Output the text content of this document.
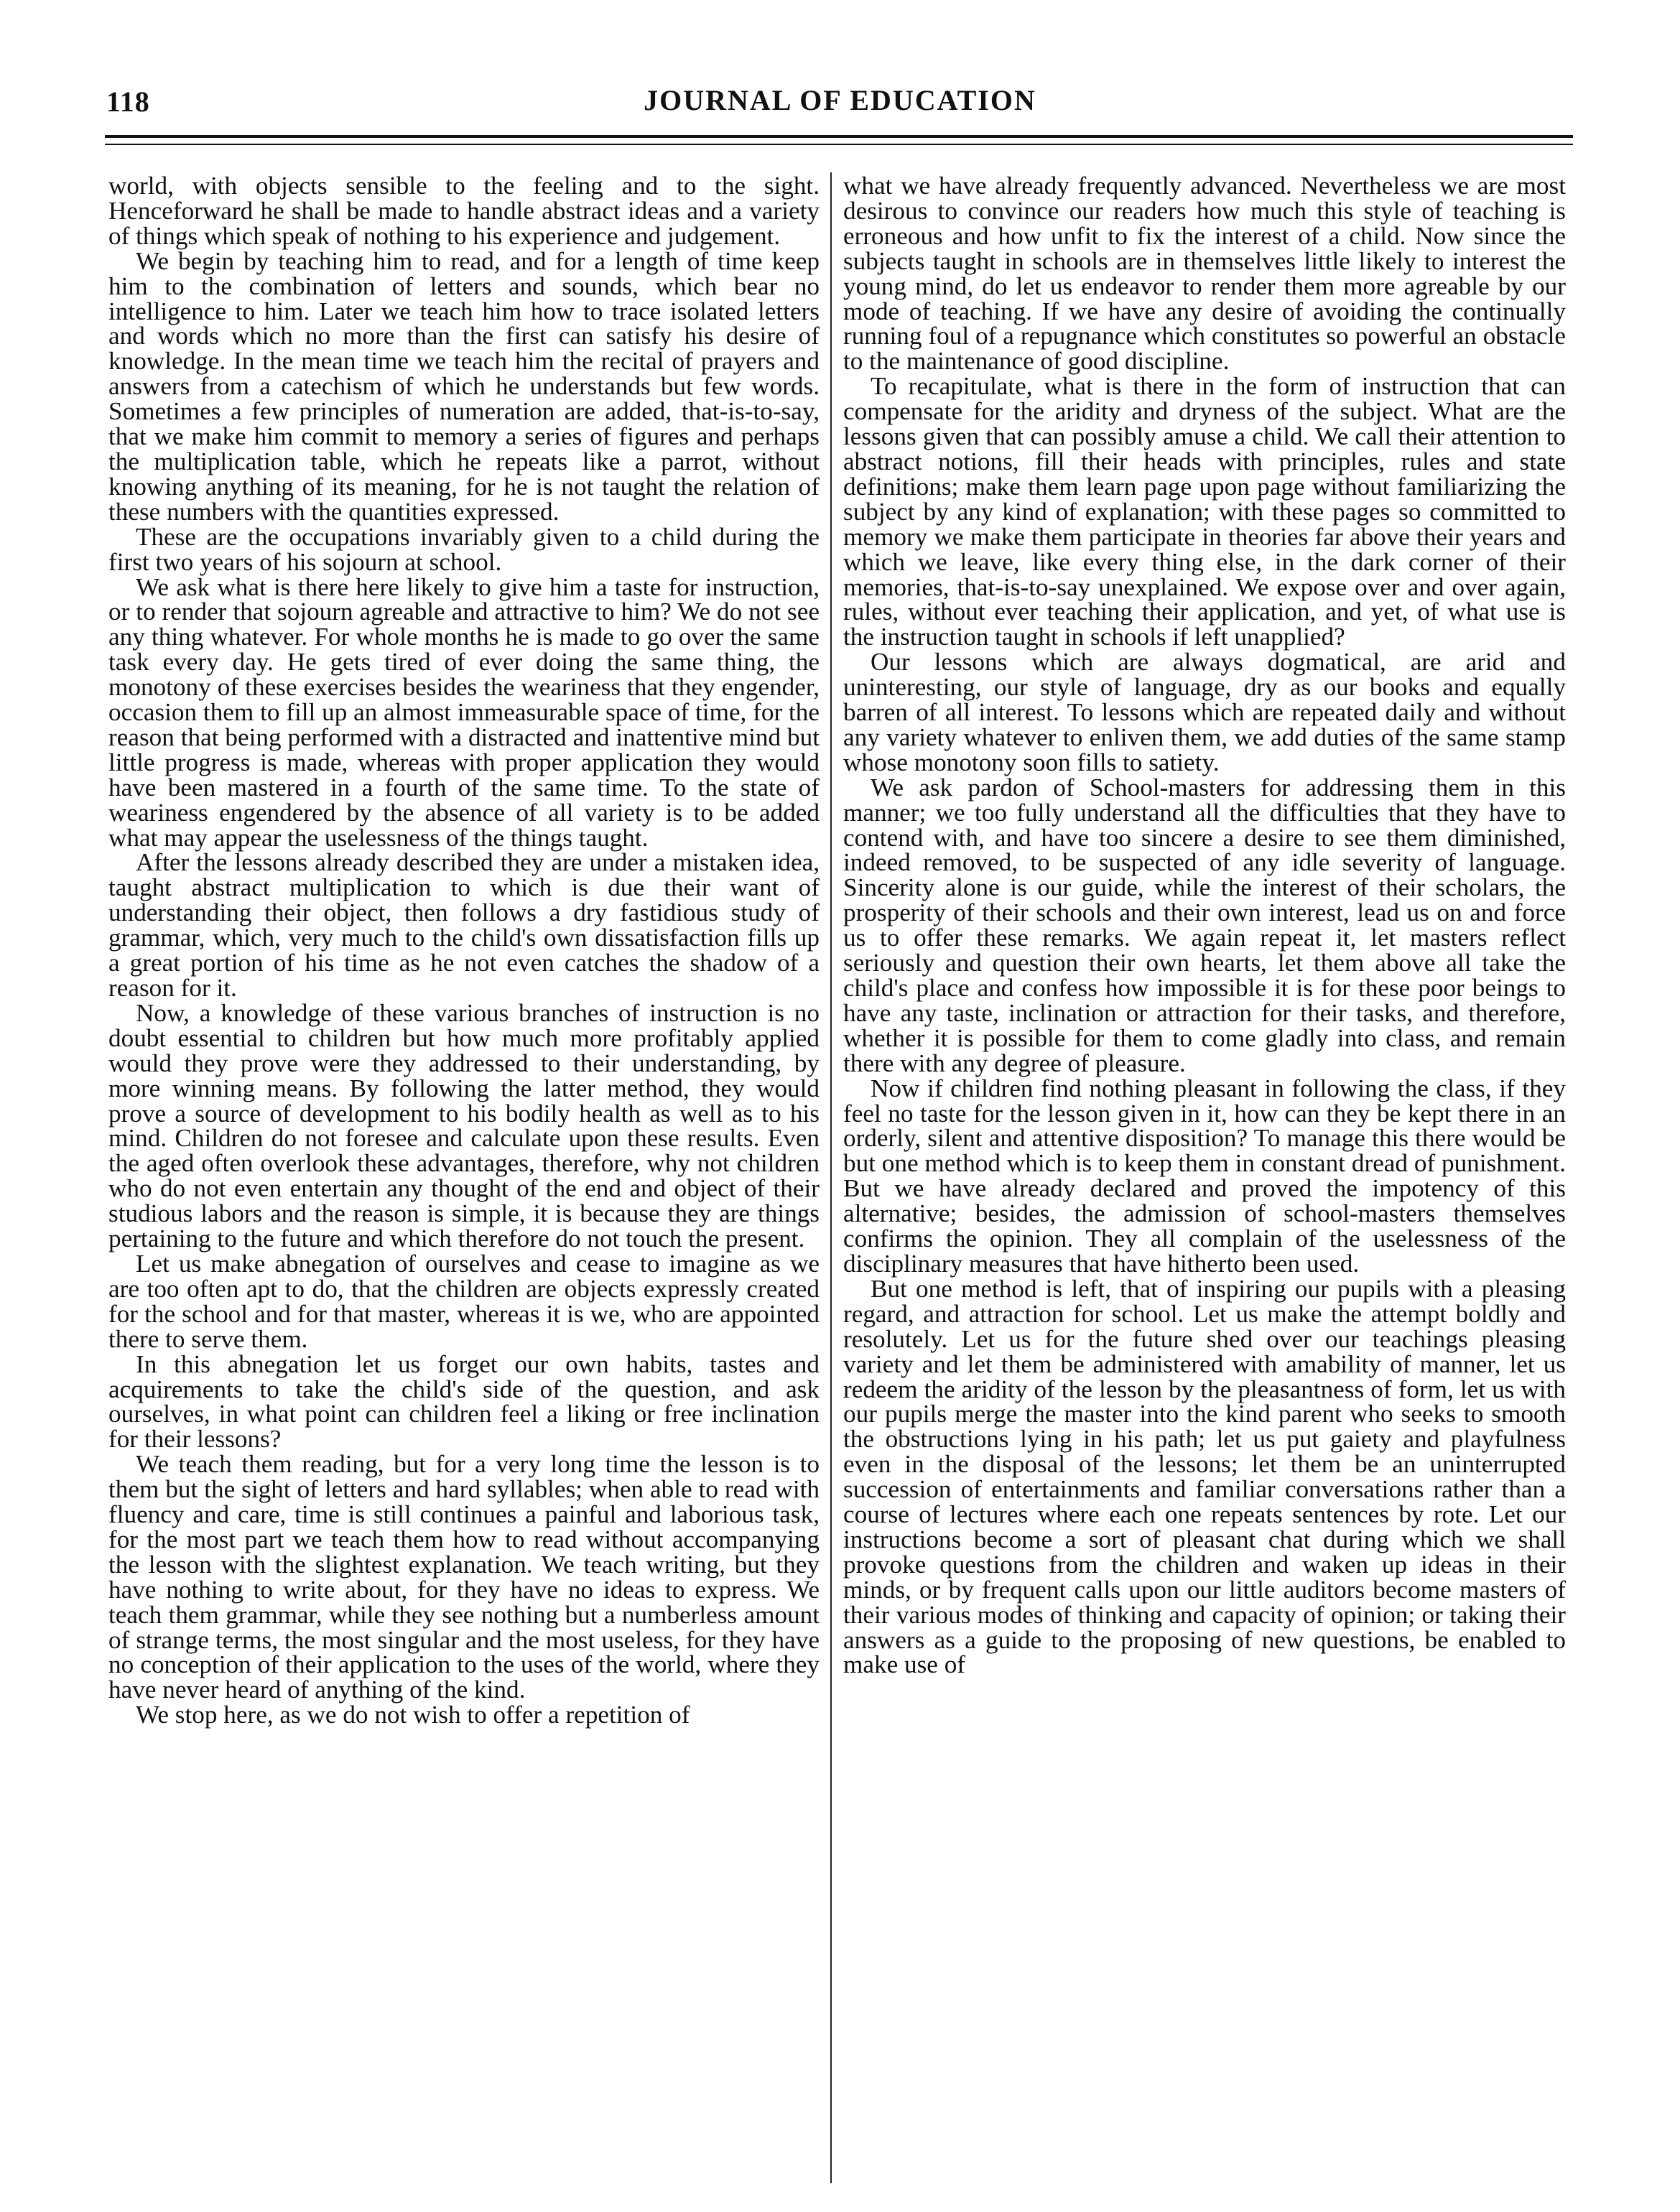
118	JOURNAL OF EDUCATION

world, with objects sensible to the feeling and to the sight. Henceforward he shall be made to handle abstract ideas and a variety of things which speak of nothing to his experience and judgement.

We begin by teaching him to read, and for a length of time keep him to the combination of letters and sounds, which bear no intelligence to him. Later we teach him how to trace isolated letters and words which no more than the first can satisfy his desire of knowledge. In the mean time we teach him the recital of prayers and answers from a catechism of which he understands but few words. Sometimes a few principles of numeration are added, that-is-to-say, that we make him commit to memory a series of figures and perhaps the multiplication table, which he repeats like a parrot, without knowing anything of its meaning, for he is not taught the relation of these numbers with the quantities expressed.

These are the occupations invariably given to a child during the first two years of his sojourn at school.

We ask what is there here likely to give him a taste for instruction, or to render that sojourn agreable and attractive to him? We do not see any thing whatever. For whole months he is made to go over the same task every day. He gets tired of ever doing the same thing, the monotony of these exercises besides the weariness that they engender, occasion them to fill up an almost immeasurable space of time, for the reason that being performed with a distracted and inattentive mind but little progress is made, whereas with proper application they would have been mastered in a fourth of the same time. To the state of weariness engendered by the absence of all variety is to be added what may appear the uselessness of the things taught.

After the lessons already described they are under a mistaken idea, taught abstract multiplication to which is due their want of understanding their object, then follows a dry fastidious study of grammar, which, very much to the child's own dissatisfaction fills up a great portion of his time as he not even catches the shadow of a reason for it.

Now, a knowledge of these various branches of instruction is no doubt essential to children but how much more profitably applied would they prove were they addressed to their understanding, by more winning means. By following the latter method, they would prove a source of development to his bodily health as well as to his mind. Children do not foresee and calculate upon these results. Even the aged often overlook these advantages, therefore, why not children who do not even entertain any thought of the end and object of their studious labors and the reason is simple, it is because they are things pertaining to the future and which therefore do not touch the present.

Let us make abnegation of ourselves and cease to imagine as we are too often apt to do, that the children are objects expressly created for the school and for that master, whereas it is we, who are appointed there to serve them.

In this abnegation let us forget our own habits, tastes and acquirements to take the child's side of the question, and ask ourselves, in what point can children feel a liking or free inclination for their lessons?

We teach them reading, but for a very long time the lesson is to them but the sight of letters and hard syllables; when able to read with fluency and care, time is still continues a painful and laborious task, for the most part we teach them how to read without accompanying the lesson with the slightest explanation. We teach writing, but they have nothing to write about, for they have no ideas to express. We teach them grammar, while they see nothing but a numberless amount of strange terms, the most singular and the most useless, for they have no conception of their application to the uses of the world, where they have never heard of anything of the kind.

We stop here, as we do not wish to offer a repetition of

what we have already frequently advanced. Nevertheless we are most desirous to convince our readers how much this style of teaching is erroneous and how unfit to fix the interest of a child. Now since the subjects taught in schools are in themselves little likely to interest the young mind, do let us endeavor to render them more agreable by our mode of teaching. If we have any desire of avoiding the continually running foul of a repugnance which constitutes so powerful an obstacle to the maintenance of good discipline.

To recapitulate, what is there in the form of instruction that can compensate for the aridity and dryness of the subject. What are the lessons given that can possibly amuse a child. We call their attention to abstract notions, fill their heads with principles, rules and state definitions; make them learn page upon page without familiarizing the subject by any kind of explanation; with these pages so committed to memory we make them participate in theories far above their years and which we leave, like every thing else, in the dark corner of their memories, that-is-to-say unexplained. We expose over and over again, rules, without ever teaching their application, and yet, of what use is the instruction taught in schools if left unapplied?

Our lessons which are always dogmatical, are arid and uninteresting, our style of language, dry as our books and equally barren of all interest. To lessons which are repeated daily and without any variety whatever to enliven them, we add duties of the same stamp whose monotony soon fills to satiety.

We ask pardon of School-masters for addressing them in this manner; we too fully understand all the difficulties that they have to contend with, and have too sincere a desire to see them diminished, indeed removed, to be suspected of any idle severity of language. Sincerity alone is our guide, while the interest of their scholars, the prosperity of their schools and their own interest, lead us on and force us to offer these remarks. We again repeat it, let masters reflect seriously and question their own hearts, let them above all take the child's place and confess how impossible it is for these poor beings to have any taste, inclination or attraction for their tasks, and therefore, whether it is possible for them to come gladly into class, and remain there with any degree of pleasure.

Now if children find nothing pleasant in following the class, if they feel no taste for the lesson given in it, how can they be kept there in an orderly, silent and attentive disposition? To manage this there would be but one method which is to keep them in constant dread of punishment. But we have already declared and proved the impotency of this alternative; besides, the admission of school-masters themselves confirms the opinion. They all complain of the uselessness of the disciplinary measures that have hitherto been used.

But one method is left, that of inspiring our pupils with a pleasing regard, and attraction for school. Let us make the attempt boldly and resolutely. Let us for the future shed over our teachings pleasing variety and let them be administered with amability of manner, let us redeem the aridity of the lesson by the pleasantness of form, let us with our pupils merge the master into the kind parent who seeks to smooth the obstructions lying in his path; let us put gaiety and playfulness even in the disposal of the lessons; let them be an uninterrupted succession of entertainments and familiar conversations rather than a course of lectures where each one repeats sentences by rote. Let our instructions become a sort of pleasant chat during which we shall provoke questions from the children and waken up ideas in their minds, or by frequent calls upon our little auditors become masters of their various modes of thinking and capacity of opinion; or taking their answers as a guide to the proposing of new questions, be enabled to make use of
